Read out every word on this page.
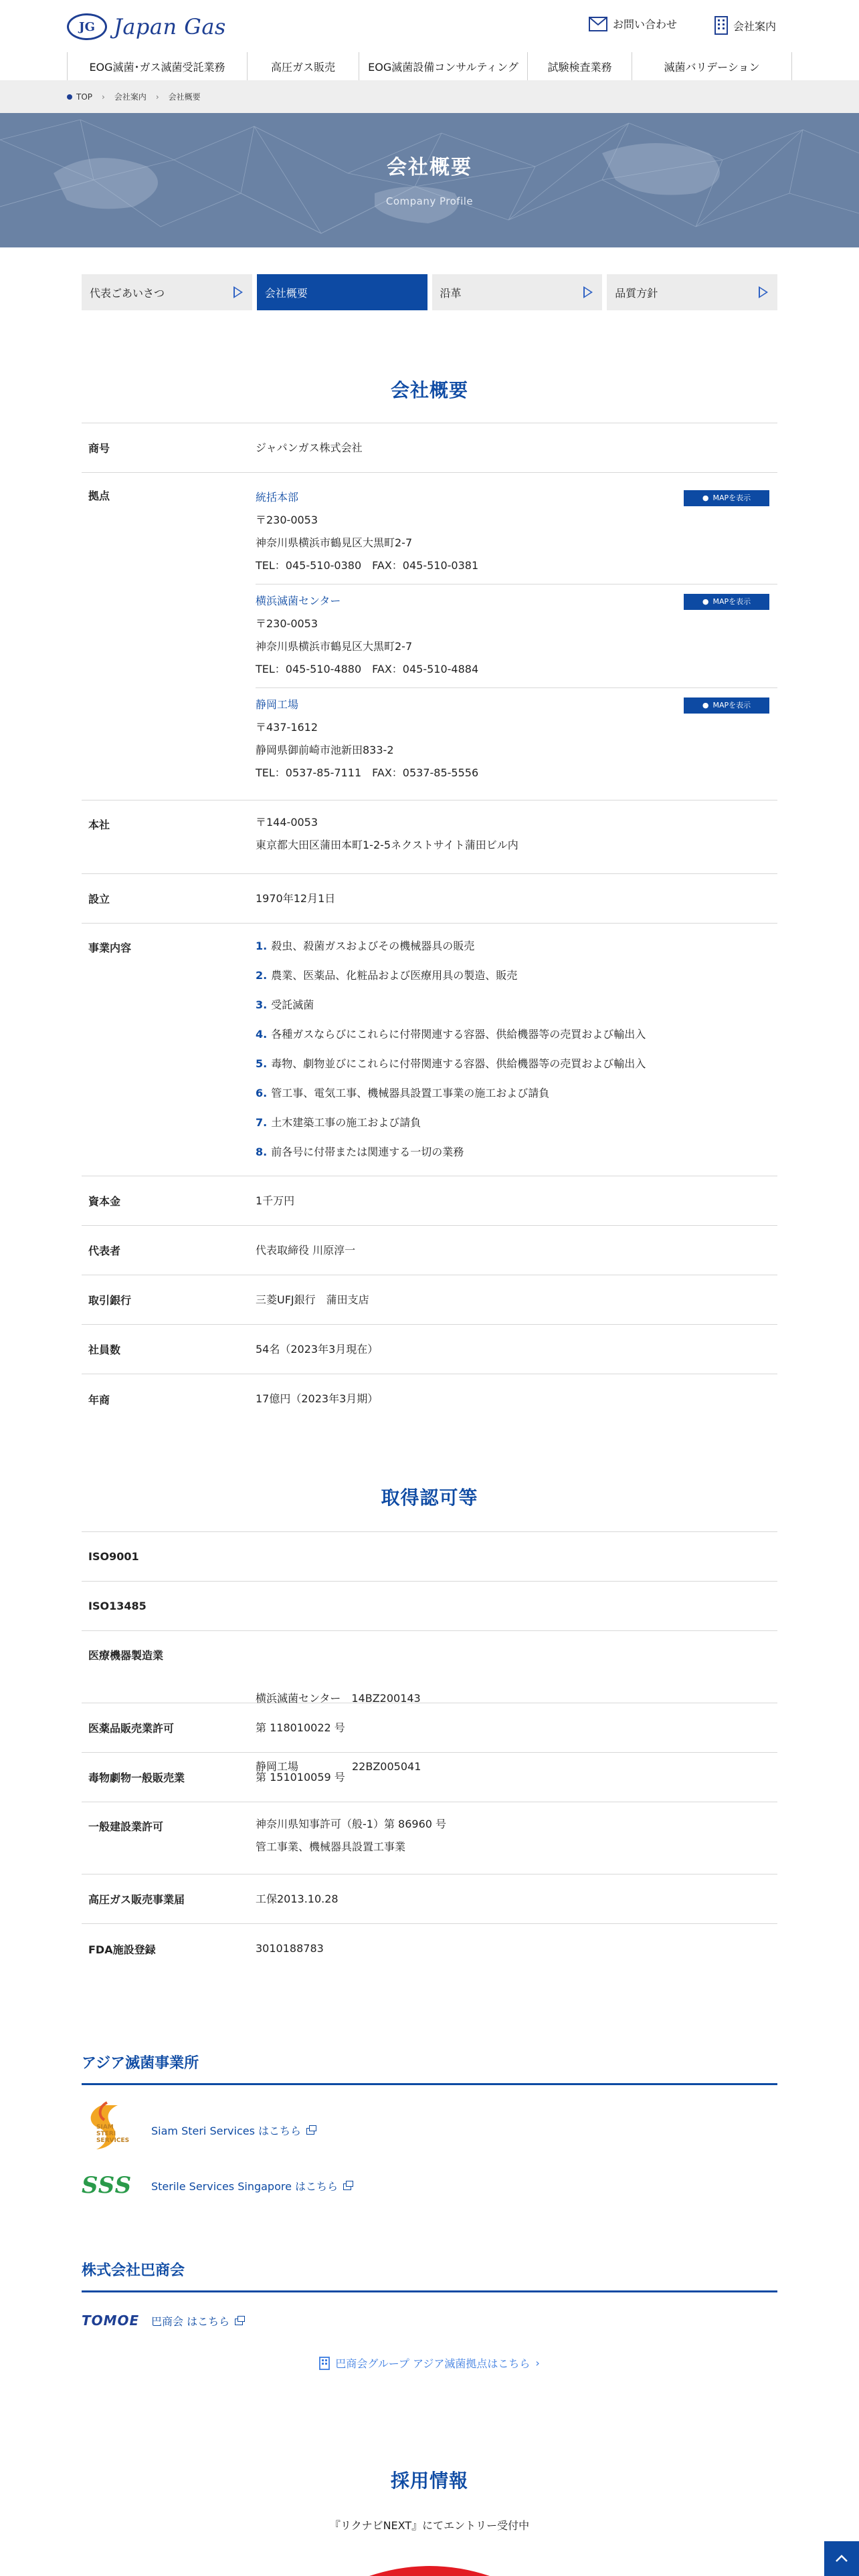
JG Japan Gas	お問い合わせ	会社案内
EOG滅菌･ガス滅菌受託業務	高圧ガス販売	EOG滅菌設備コンサルティング	試験検査業務	滅菌バリデーション
TOP › 会社案内 › 会社概要
会社概要
Company Profile
代表ごあいさつ	会社概要	沿革	品質方針
会社概要
商号	ジャパンガス株式会社
拠点	統括本部
〒230-0053
神奈川県横浜市鶴見区大黒町2-7
TEL：045-510-0380　FAX：045-510-0381
● MAPを表示
横浜滅菌センター
〒230-0053
神奈川県横浜市鶴見区大黒町2-7
TEL：045-510-4880　FAX：045-510-4884
● MAPを表示
静岡工場
〒437-1612
静岡県御前崎市池新田833-2
TEL：0537-85-7111　FAX：0537-85-5556
● MAPを表示
本社	〒144-0053
東京都大田区蒲田本町1-2-5ネクストサイト蒲田ビル内
設立	1970年12月1日
事業内容	1. 殺虫、殺菌ガスおよびその機械器具の販売
2. 農業、医薬品、化粧品および医療用具の製造、販売
3. 受託滅菌
4. 各種ガスならびにこれらに付帯関連する容器、供給機器等の売買および輸出入
5. 毒物、劇物並びにこれらに付帯関連する容器、供給機器等の売買および輸出入
6. 管工事、電気工事、機械器具設置工事業の施工および請負
7. 土木建築工事の施工および請負
8. 前各号に付帯または関連する一切の業務
資本金	1千万円
代表者	代表取締役 川原淳一
取引銀行	三菱UFJ銀行　蒲田支店
社員数	54名（2023年3月現在）
年商	17億円（2023年3月期）
取得認可等
ISO9001
ISO13485
医療機器製造業

横浜滅菌センター　14BZ200143

静岡工場　　　　　22BZ005041

医薬品販売業許可	第 118010022 号
毒物劇物一般販売業	第 151010059 号
一般建設業許可	神奈川県知事許可（般-1）第 86960 号
管工事業、機械器具設置工事業
高圧ガス販売事業届	工保2013.10.28
FDA施設登録	3010188783
アジア滅菌事業所
SIAM
STERI
SERVICES
Siam Steri Services はこちら
SSS	Sterile Services Singapore はこちら
株式会社巴商会
TOMOE 巴商会 はこちら
巴商会グループ アジア滅菌拠点はこちら ›
採用情報
『リクナビNEXT』にてエントリー受付中
